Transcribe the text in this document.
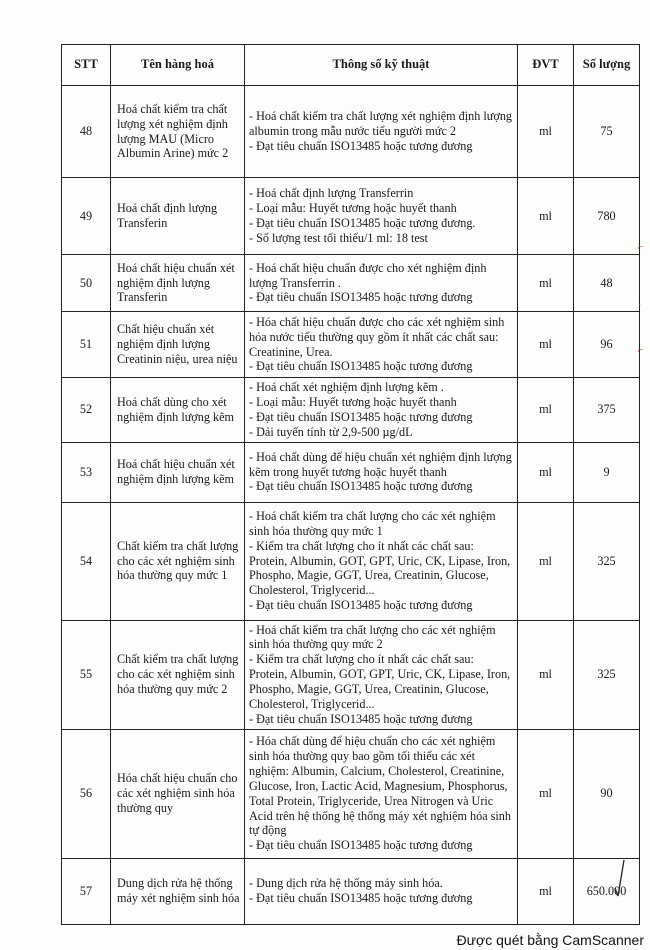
STT	Tên hàng hoá	Thông số kỹ thuật	ĐVT	Số lượng
48	Hoá chất kiểm tra chất lượng xét nghiệm định lượng MAU (Micro Albumin Arine) mức 2	- Hoá chất kiểm tra chất lượng xét nghiệm định lượng albumin trong mẫu nước tiểu người mức 2
- Đạt tiêu chuẩn ISO13485 hoặc tương đương	ml	75
49	Hoá chất định lượng Transferin	- Hoá chất định lượng Transferrin
- Loại mẫu: Huyết tương hoặc huyết thanh
- Đạt tiêu chuẩn ISO13485 hoặc tương đương.
- Số lượng test tối thiểu/1 ml: 18 test	ml	780
50	Hoá chất hiệu chuẩn xét nghiệm định lượng Transferin	- Hoá chất hiệu chuẩn được cho xét nghiệm định lượng Transferrin .
- Đạt tiêu chuẩn ISO13485 hoặc tương đương	ml	48
51	Chất hiệu chuẩn xét nghiệm định lượng Creatinin niệu, urea niệu	- Hóa chất hiệu chuẩn được cho các xét nghiệm sinh hóa nước tiểu thường quy gồm ít nhất các chất sau: Creatinine, Urea.
- Đạt tiêu chuẩn ISO13485 hoặc tương đương	ml	96
52	Hoá chất dùng cho xét nghiệm định lượng kẽm	- Hoá chất xét nghiệm định lượng kẽm .
- Loại mẫu: Huyết tương hoặc huyết thanh
- Đạt tiêu chuẩn ISO13485 hoặc tương đương
- Dải tuyến tính từ 2,9-500 µg/dL	ml	375
53	Hoá chất hiệu chuẩn xét nghiệm định lượng kẽm	- Hoá chất dùng để hiệu chuẩn xét nghiệm định lượng kẽm trong huyết tương hoặc huyết thanh
- Đạt tiêu chuẩn ISO13485 hoặc tương đương	ml	9
54	Chất kiểm tra chất lượng cho các xét nghiệm sinh hóa thường quy mức 1	- Hoá chất kiểm tra chất lượng cho các xét nghiệm sinh hóa thường quy mức 1
- Kiểm tra chất lượng cho ít nhất các chất sau: Protein, Albumin, GOT, GPT, Uric, CK, Lipase, Iron, Phospho, Magie, GGT, Urea, Creatinin, Glucose, Cholesterol, Triglycerid...
- Đạt tiêu chuẩn ISO13485 hoặc tương đương	ml	325
55	Chất kiểm tra chất lượng cho các xét nghiệm sinh hóa thường quy mức 2	- Hoá chất kiểm tra chất lượng cho các xét nghiệm sinh hóa thường quy mức 2
- Kiểm tra chất lượng cho ít nhất các chất sau: Protein, Albumin, GOT, GPT, Uric, CK, Lipase, Iron, Phospho, Magie, GGT, Urea, Creatinin, Glucose, Cholesterol, Triglycerid...
- Đạt tiêu chuẩn ISO13485 hoặc tương đương	ml	325
56	Hóa chất hiệu chuẩn cho các xét nghiệm sinh hóa thường quy	- Hóa chất dùng để hiệu chuẩn cho các xét nghiệm sinh hóa thường quy bao gồm tối thiểu các xét nghiệm: Albumin, Calcium, Cholesterol, Creatinine, Glucose, Iron, Lactic Acid, Magnesium, Phosphorus, Total Protein, Triglyceride, Urea Nitrogen và Uric Acid trên hệ thống hệ thống máy xét nghiệm hóa sinh tự động
- Đạt tiêu chuẩn ISO13485 hoặc tương đương	ml	90
57	Dung dịch rửa hệ thống máy xét nghiệm sinh hóa	- Dung dịch rửa hệ thống máy sinh hóa.
- Đạt tiêu chuẩn ISO13485 hoặc tương đương	ml	650.000
⌐
·
⌐
Được quét bằng CamScanner
